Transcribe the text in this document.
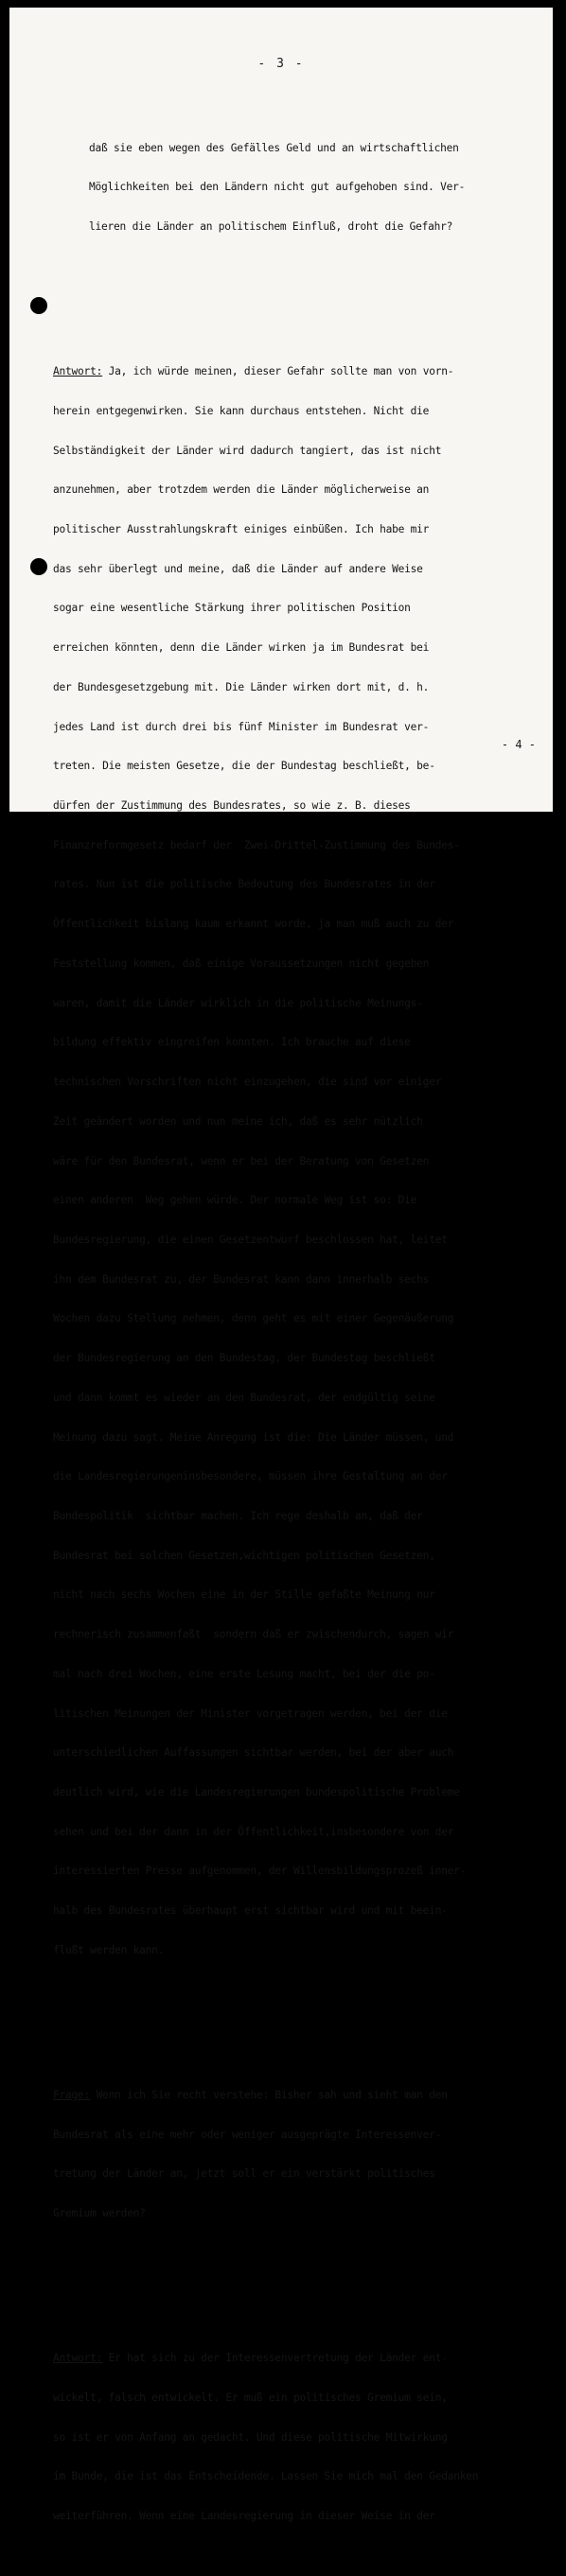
- 3 -

daß sie eben wegen des Gefälles Geld und an wirtschaftlichen

Möglichkeiten bei den Ländern nicht gut aufgehoben sind. Ver-

lieren die Länder an politischem Einfluß, droht die Gefahr?

Antwort: Ja, ich würde meinen, dieser Gefahr sollte man von vorn-

herein entgegenwirken. Sie kann durchaus entstehen. Nicht die

Selbständigkeit der Länder wird dadurch tangiert, das ist nicht

anzunehmen, aber trotzdem werden die Länder möglicherweise an

politischer Ausstrahlungskraft einiges einbüßen. Ich habe mir

das sehr überlegt und meine, daß die Länder auf andere Weise

sogar eine wesentliche Stärkung ihrer politischen Position

erreichen könnten, denn die Länder wirken ja im Bundesrat bei

der Bundesgesetzgebung mit. Die Länder wirken dort mit, d. h.

jedes Land ist durch drei bis fünf Minister im Bundesrat ver-

treten. Die meisten Gesetze, die der Bundestag beschließt, be-

dürfen der Zustimmung des Bundesrates, so wie z. B. dieses

Finanzreformgesetz bedarf der  Zwei-Drittel-Zustimmung des Bundes-

rates. Nun ist die politische Bedeutung des Bundesrates in der

Öffentlichkeit bislang kaum erkannt worde, ja man muß auch zu der

Feststellung kommen, daß einige Voraussetzungen nicht gegeben

waren, damit die Länder wirklich in die politische Meinungs-

bildung effektiv eingreifen konnten. Ich brauche auf diese

technischen Vorschriften nicht einzugehen, die sind vor einiger

Zeit geändert worden und nun meine ich, daß es sehr nützlich

wäre für den Bundesrat, wenn er bei der Beratung von Gesetzen

einen anderen  Weg gehen würde. Der normale Weg ist so: Die

Bundesregierung, die einen Gesetzentwurf beschlossen hat, leitet

ihn dem Bundesrat zu, der Bundesrat kann dann innerhalb sechs

Wochen dazu Stellung nehmen, denn geht es mit einer Gegenäußerung

der Bundesregierung an den Bundestag, der Bundestag beschließt

und dann kommt es wieder an den Bundesrat, der endgültig seine

Meinung dazu sagt. Meine Anregung ist die: Die Länder müssen, und

die Landesregierungeninsbesondere, müssen ihre Gestaltung an der

Bundespolitik  sichtbar machen. Ich rege deshalb an, daß der

Bundesrat bei solchen Gesetzen,wichtigen politischen Gesetzen,

nicht nach sechs Wochen eine in der Stille gefaßte Meinung nur

rechnerisch zusammenfaßt  sondern daß er zwischendurch, sagen wir

mal nach drei Wochen, eine erste Lesung macht, bei der die po-

litischen Meinungen der Minister vorgetragen werden, bei der die

unterschiedlichen Auffassungen sichtbar werden, bei der aber auch

deutlich wird, wie die Landesregierungen bundespolitische Probleme

sehen und bei der dann in der Öffentlichkeit,insbesondere von der

interessierten Presse aufgenommen, der Willensbildungsprozeß inner-

halb des Bundesrates überhaupt erst sichtbar wird und mit beein-

flußt werden kann.

Frage: Wenn ich Sie recht verstehe: Bisher sah und sieht man den

Bundesrat als eine mehr oder weniger ausgeprägte Interessenver-

tretung der Länder an, jetzt soll er ein verstärkt politisches

Gremium werden?

Antwort: Er hat sich zu der Interessenvertretung der Länder ent-

wickelt, falsch entwickelt. Er muß ein politisches Gremium sein,

so ist er von Anfang an gedacht. Und diese politische Mitwirkung

im Bunde, die ist das Entscheidende. Lassen Sie mich mal den Gedanken

weiterführen. Wenn eine Landesregierung in dieser Weise in der

- 4 -
